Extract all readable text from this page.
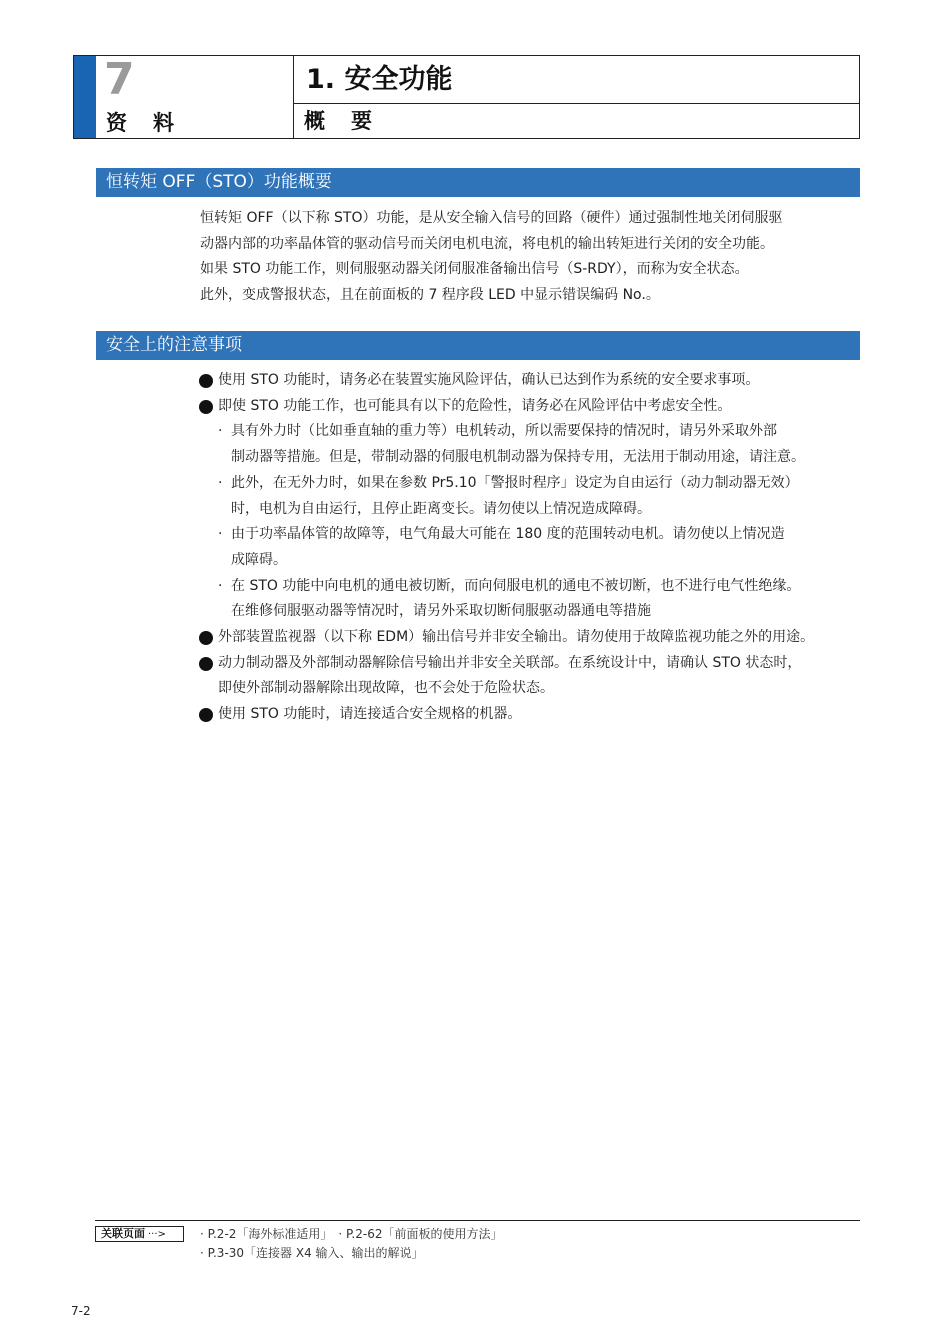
7
资料
1. 安全功能
概要
恒转矩 OFF（STO）功能概要

恒转矩 OFF（以下称 STO）功能，是从安全输入信号的回路（硬件）通过强制性地关闭伺服驱

动器内部的功率晶体管的驱动信号而关闭电机电流，将电机的输出转矩进行关闭的安全功能。

如果 STO 功能工作，则伺服驱动器关闭伺服准备输出信号（S-RDY），而称为安全状态。

此外，变成警报状态，且在前面板的 7 程序段 LED 中显示错误编码 No.。

安全上的注意事项
使用 STO 功能时，请务必在装置实施风险评估，确认已达到作为系统的安全要求事项。
即使 STO 功能工作，也可能具有以下的危险性，请务必在风险评估中考虑安全性。
· 具有外力时（比如垂直轴的重力等）电机转动，所以需要保持的情况时，请另外采取外部
制动器等措施。但是，带制动器的伺服电机制动器为保持专用，无法用于制动用途，请注意。
· 此外，在无外力时，如果在参数 Pr5.10「警报时程序」设定为自由运行（动力制动器无效）
时，电机为自由运行，且停止距离变长。请勿使以上情况造成障碍。
· 由于功率晶体管的故障等，电气角最大可能在 180 度的范围转动电机。请勿使以上情况造
成障碍。
· 在 STO 功能中向电机的通电被切断，而向伺服电机的通电不被切断，也不进行电气性绝缘。
在维修伺服驱动器等情况时，请另外采取切断伺服驱动器通电等措施
外部装置监视器（以下称 EDM）输出信号并非安全输出。请勿使用于故障监视功能之外的用途。
动力制动器及外部制动器解除信号输出并非安全关联部。在系统设计中，请确认 STO 状态时，
即使外部制动器解除出现故障，也不会处于危险状态。
使用 STO 功能时，请连接适合安全规格的机器。
关联页面 ···>	· P.2-2「海外标准适用」 · P.2-62「前面板的使用方法」
· P.3-30「连接器 X4 输入、输出的解说」
7-2
